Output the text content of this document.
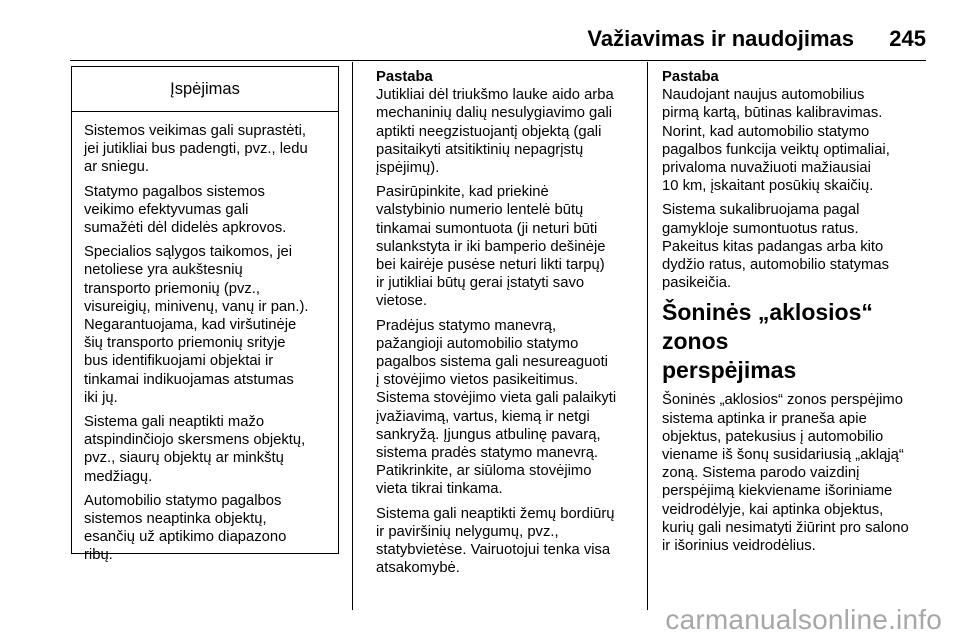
Važiavimas ir naudojimas 245
Įspėjimas

Sistemos veikimas gali suprastėti,
jei jutikliai bus padengti, pvz., ledu
ar sniegu.

Statymo pagalbos sistemos
veikimo efektyvumas gali
sumažėti dėl didelės apkrovos.

Specialios sąlygos taikomos, jei
netoliese yra aukštesnių
transporto priemonių (pvz.,
visureigių, minivenų, vanų ir pan.).
Negarantuojama, kad viršutinėje
šių transporto priemonių srityje
bus identifikuojami objektai ir
tinkamai indikuojamas atstumas
iki jų.

Sistema gali neaptikti mažo
atspindinčiojo skersmens objektų,
pvz., siaurų objektų ar minkštų
medžiagų.

Automobilio statymo pagalbos
sistemos neaptinka objektų,
esančių už aptikimo diapazono
ribų.

Pastaba

Jutikliai dėl triukšmo lauke aido arba
mechaninių dalių nesulygiavimo gali
aptikti neegzistuojantį objektą (gali
pasitaikyti atsitiktinių nepagrįstų
įspėjimų).

Pasirūpinkite, kad priekinė
valstybinio numerio lentelė būtų
tinkamai sumontuota (ji neturi būti
sulankstyta ir iki bamperio dešinėje
bei kairėje pusėse neturi likti tarpų)
ir jutikliai būtų gerai įstatyti savo
vietose.

Pradėjus statymo manevrą,
pažangioji automobilio statymo
pagalbos sistema gali nesureaguoti
į stovėjimo vietos pasikeitimus.
Sistema stovėjimo vieta gali palaikyti
įvažiavimą, vartus, kiemą ir netgi
sankryžą. Įjungus atbulinę pavarą,
sistema pradės statymo manevrą.
Patikrinkite, ar siūloma stovėjimo
vieta tikrai tinkama.

Sistema gali neaptikti žemų bordiūrų
ir paviršinių nelygumų, pvz.,
statybvietėse. Vairuotojui tenka visa
atsakomybė.

Pastaba

Naudojant naujus automobilius
pirmą kartą, būtinas kalibravimas.
Norint, kad automobilio statymo
pagalbos funkcija veiktų optimaliai,
privaloma nuvažiuoti mažiausiai
10 km, įskaitant posūkių skaičių.

Sistema sukalibruojama pagal
gamykloje sumontuotus ratus.
Pakeitus kitas padangas arba kito
dydžio ratus, automobilio statymas
pasikeičia.

Šoninės „aklosios“ zonos
perspėjimas

Šoninės „aklosios“ zonos perspėjimo
sistema aptinka ir praneša apie
objektus, patekusius į automobilio
viename iš šonų susidariusią „akląją“
zoną. Sistema parodo vaizdinį
perspėjimą kiekviename išoriniame
veidrodėlyje, kai aptinka objektus,
kurių gali nesimatyti žiūrint pro salono
ir išorinius veidrodėlius.

carmanualsonline.info
